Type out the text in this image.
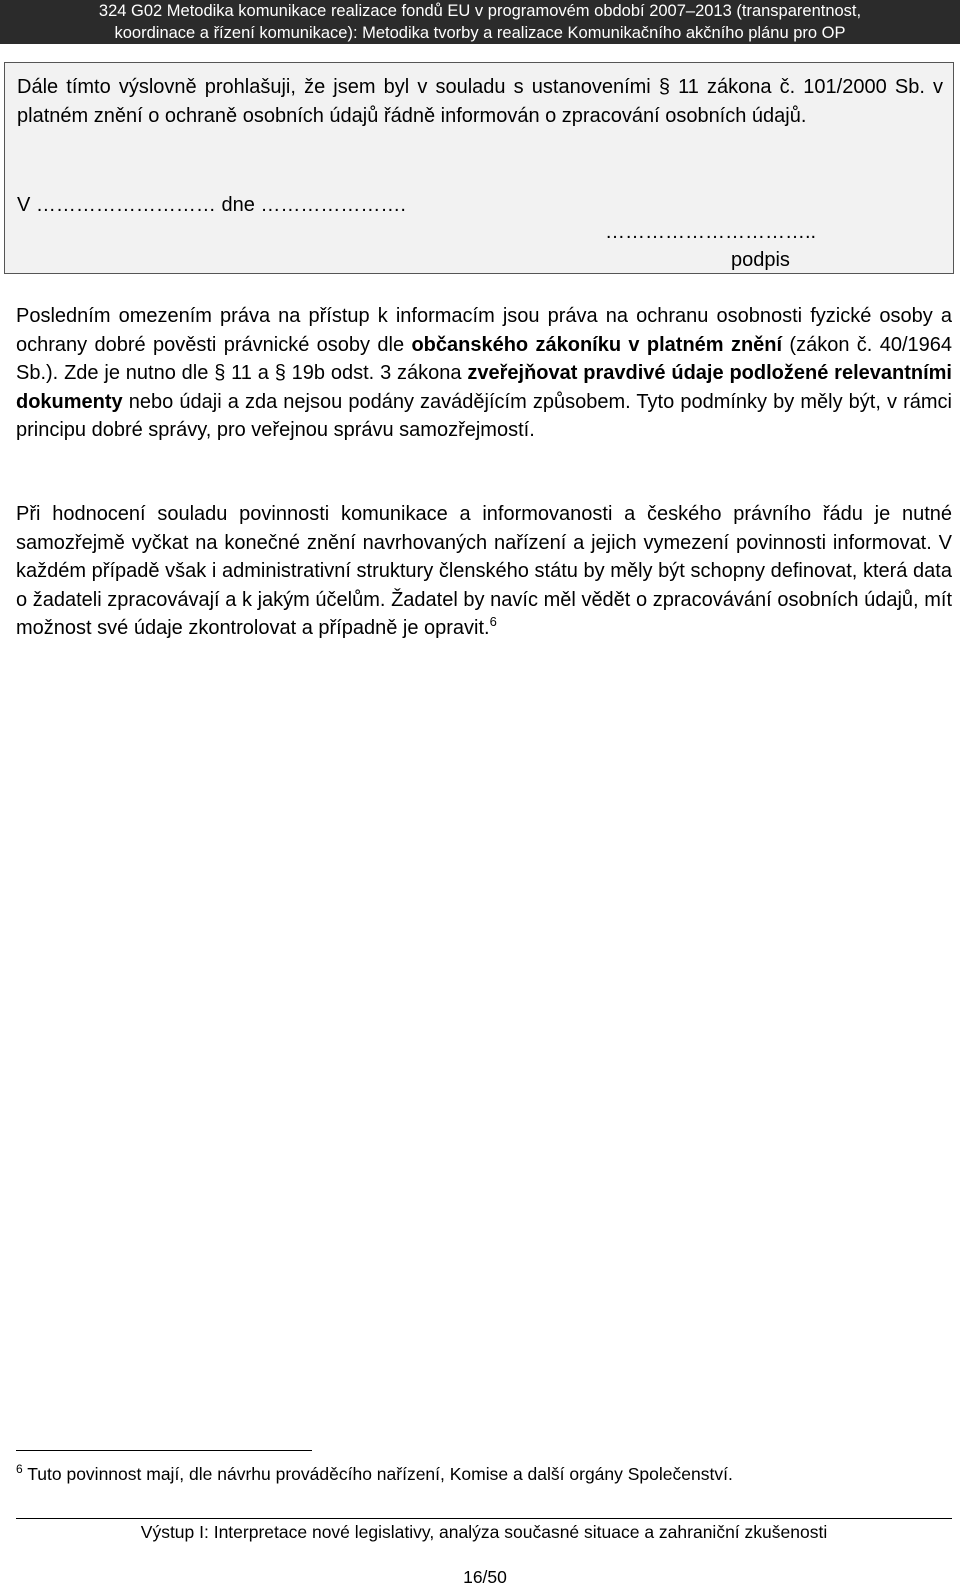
324 G02 Metodika komunikace realizace fondů EU v programovém období 2007–2013 (transparentnost,
koordinace a řízení komunikace): Metodika tvorby a realizace Komunikačního akčního plánu pro OP
Dále tímto výslovně prohlašuji, že jsem byl v souladu s ustanoveními § 11 zákona č. 101/2000 Sb. v platném znění o ochraně osobních údajů řádně informován o zpracování osobních údajů.
V ……………………… dne ………………….
…………………………..
podpis
Posledním omezením práva na přístup k informacím jsou práva na ochranu osobnosti fyzické osoby a ochrany dobré pověsti právnické osoby dle občanského zákoníku v platném znění (zákon č. 40/1964 Sb.). Zde je nutno dle § 11 a § 19b odst. 3 zákona zveřejňovat pravdivé údaje podložené relevantními dokumenty nebo údaji a zda nejsou podány zavádějícím způsobem. Tyto podmínky by měly být, v rámci principu dobré správy, pro veřejnou správu samozřejmostí.
Při hodnocení souladu povinnosti komunikace a informovanosti a českého právního řádu je nutné samozřejmě vyčkat na konečné znění navrhovaných nařízení a jejich vymezení povinnosti informovat. V každém případě však i administrativní struktury členského státu by měly být schopny definovat, která data o žadateli zpracovávají a k jakým účelům. Žadatel by navíc měl vědět o zpracovávání osobních údajů, mít možnost své údaje zkontrolovat a případně je opravit.$^6$
$^6$ Tuto povinnost mají, dle návrhu prováděcího nařízení, Komise a další orgány Společenství.
Výstup I: Interpretace nové legislativy, analýza současné situace a zahraniční zkušenosti
16/50
